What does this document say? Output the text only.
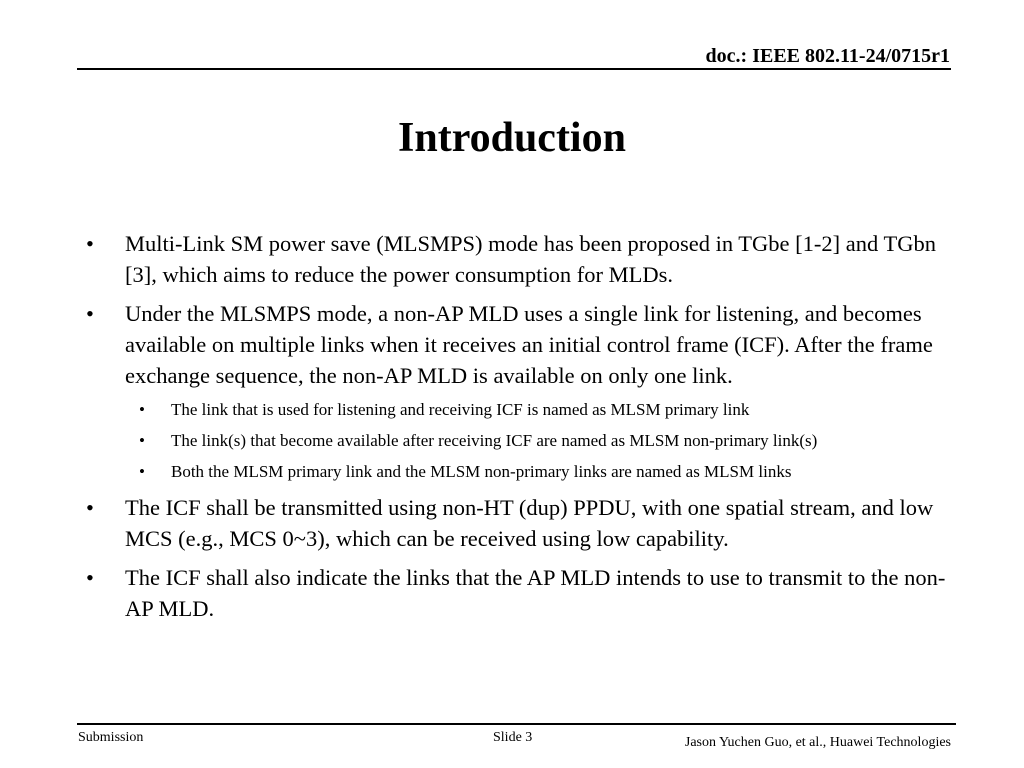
doc.: IEEE 802.11-24/0715r1
Introduction
• Multi-Link SM power save (MLSMPS) mode has been proposed in TGbe [1-2] and TGbn [3], which aims to reduce the power consumption for MLDs.
• Under the MLSMPS mode, a non-AP MLD uses a single link for listening, and becomes available on multiple links when it receives an initial control frame (ICF). After the frame exchange sequence, the non-AP MLD is available on only one link.
• The link that is used for listening and receiving ICF is named as MLSM primary link
• The link(s) that become available after receiving ICF are named as MLSM non-primary link(s)
• Both the MLSM primary link and the MLSM non-primary links are named as MLSM links
• The ICF shall be transmitted using non-HT (dup) PPDU, with one spatial stream, and low MCS (e.g., MCS 0~3), which can be received using low capability.
• The ICF shall also indicate the links that the AP MLD intends to use to transmit to the non-AP MLD.
Submission	Slide 3	Jason Yuchen Guo, et al., Huawei Technologies
